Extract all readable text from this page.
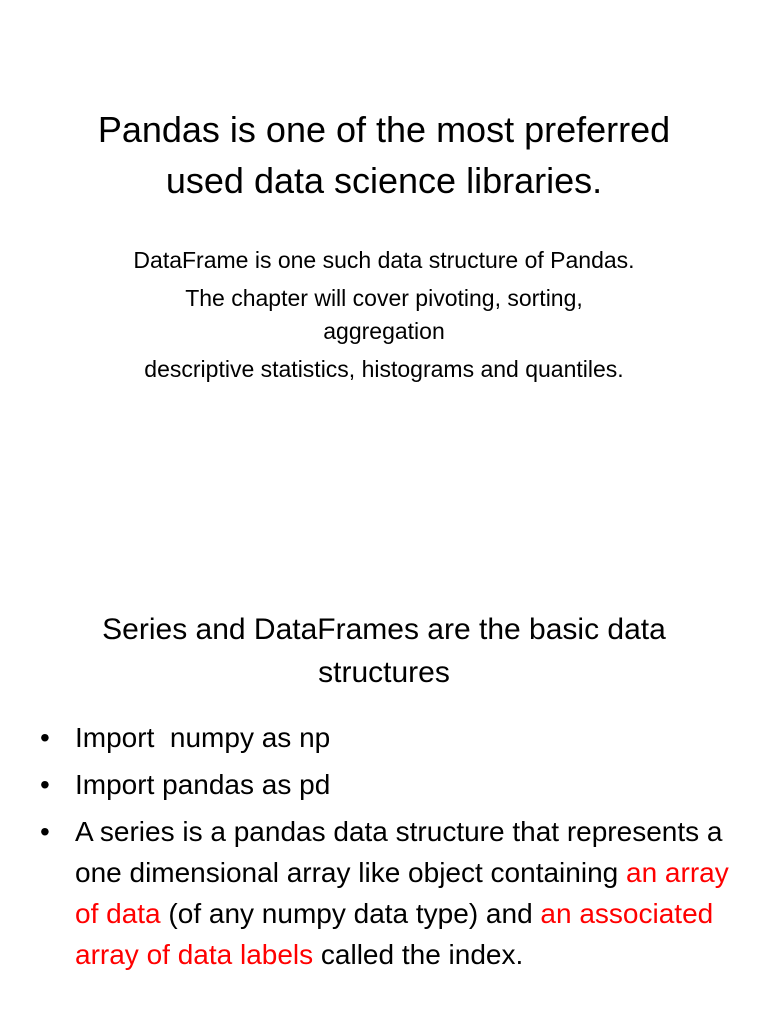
Pandas is one of the most preferred
used data science libraries.
DataFrame is one such data structure of Pandas.
The chapter will cover pivoting, sorting,
aggregation
descriptive statistics, histograms and quantiles.
Series and DataFrames are the basic data
structures
• Import  numpy as np
• Import pandas as pd
• A series is a pandas data structure that represents a one dimensional array like object containing an array of data (of any numpy data type) and an associated array of data labels called the index.
